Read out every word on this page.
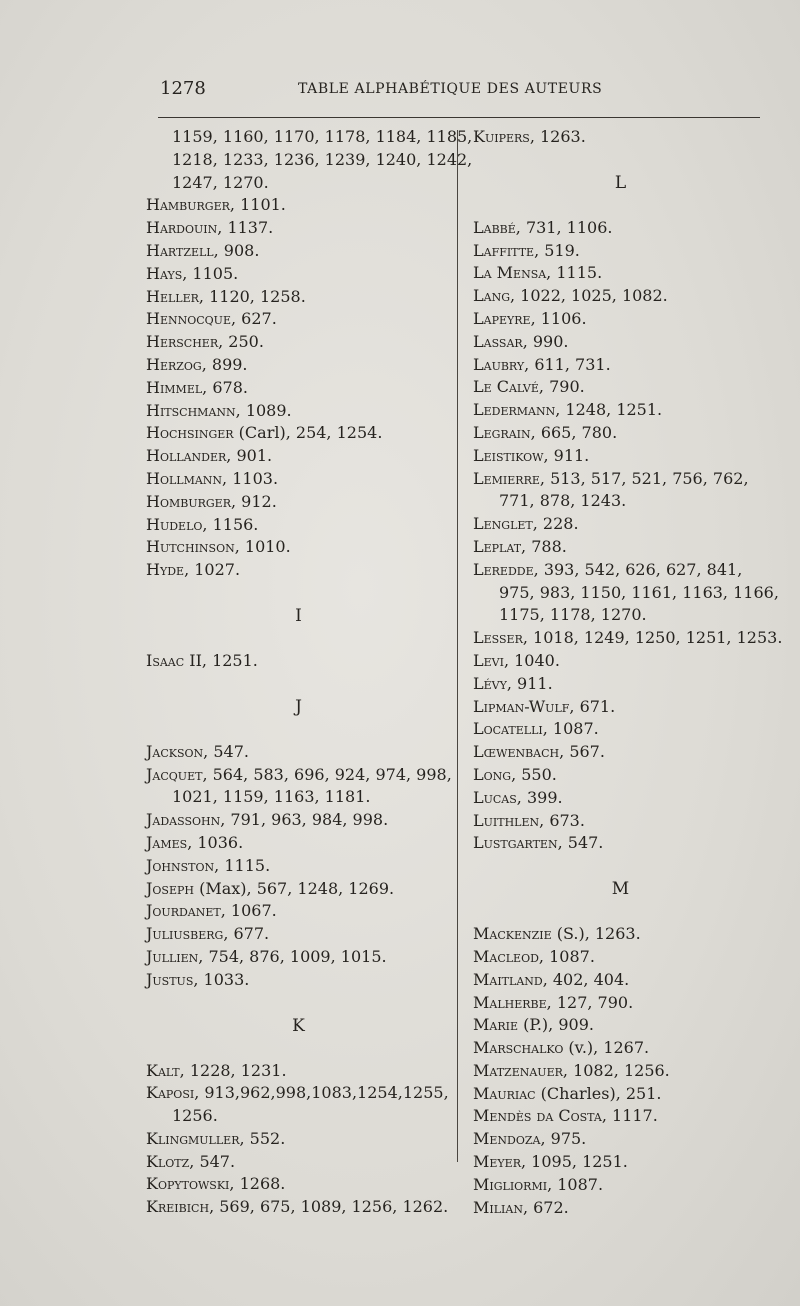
1278	TABLE ALPHABÉTIQUE DES AUTEURS
1159, 1160, 1170, 1178, 1184, 1185,
1218, 1233, 1236, 1239, 1240, 1242,
1247, 1270.
Hamburger, 1101.
Hardouin, 1137.
Hartzell, 908.
Hays, 1105.
Heller, 1120, 1258.
Hennocque, 627.
Herscher, 250.
Herzog, 899.
Himmel, 678.
Hitschmann, 1089.
Hochsinger (Carl), 254, 1254.
Hollander, 901.
Hollmann, 1103.
Homburger, 912.
Hudelo, 1156.
Hutchinson, 1010.
Hyde, 1027.
I
Isaac II, 1251.
J
Jackson, 547.
Jacquet, 564, 583, 696, 924, 974, 998,
1021, 1159, 1163, 1181.
Jadassohn, 791, 963, 984, 998.
James, 1036.
Johnston, 1115.
Joseph (Max), 567, 1248, 1269.
Jourdanet, 1067.
Juliusberg, 677.
Jullien, 754, 876, 1009, 1015.
Justus, 1033.
K
Kalt, 1228, 1231.
Kaposi, 913,962,998,1083,1254,1255,
1256.
Klingmuller, 552.
Klotz, 547.
Kopytowski, 1268.
Kreibich, 569, 675, 1089, 1256, 1262.
Kuipers, 1263.
L
Labbé, 731, 1106.
Laffitte, 519.
La Mensa, 1115.
Lang, 1022, 1025, 1082.
Lapeyre, 1106.
Lassar, 990.
Laubry, 611, 731.
Le Calvé, 790.
Ledermann, 1248, 1251.
Legrain, 665, 780.
Leistikow, 911.
Lemierre, 513, 517, 521, 756, 762,
771, 878, 1243.
Lenglet, 228.
Leplat, 788.
Leredde, 393, 542, 626, 627, 841,
975, 983, 1150, 1161, 1163, 1166,
1175, 1178, 1270.
Lesser, 1018, 1249, 1250, 1251, 1253.
Levi, 1040.
Lévy, 911.
Lipman-Wulf, 671.
Locatelli, 1087.
Lœwenbach, 567.
Long, 550.
Lucas, 399.
Luithlen, 673.
Lustgarten, 547.
M
Mackenzie (S.), 1263.
Macleod, 1087.
Maitland, 402, 404.
Malherbe, 127, 790.
Marie (P.), 909.
Marschalko (v.), 1267.
Matzenauer, 1082, 1256.
Mauriac (Charles), 251.
Mendès da Costa, 1117.
Mendoza, 975.
Meyer, 1095, 1251.
Migliormi, 1087.
Milian, 672.
